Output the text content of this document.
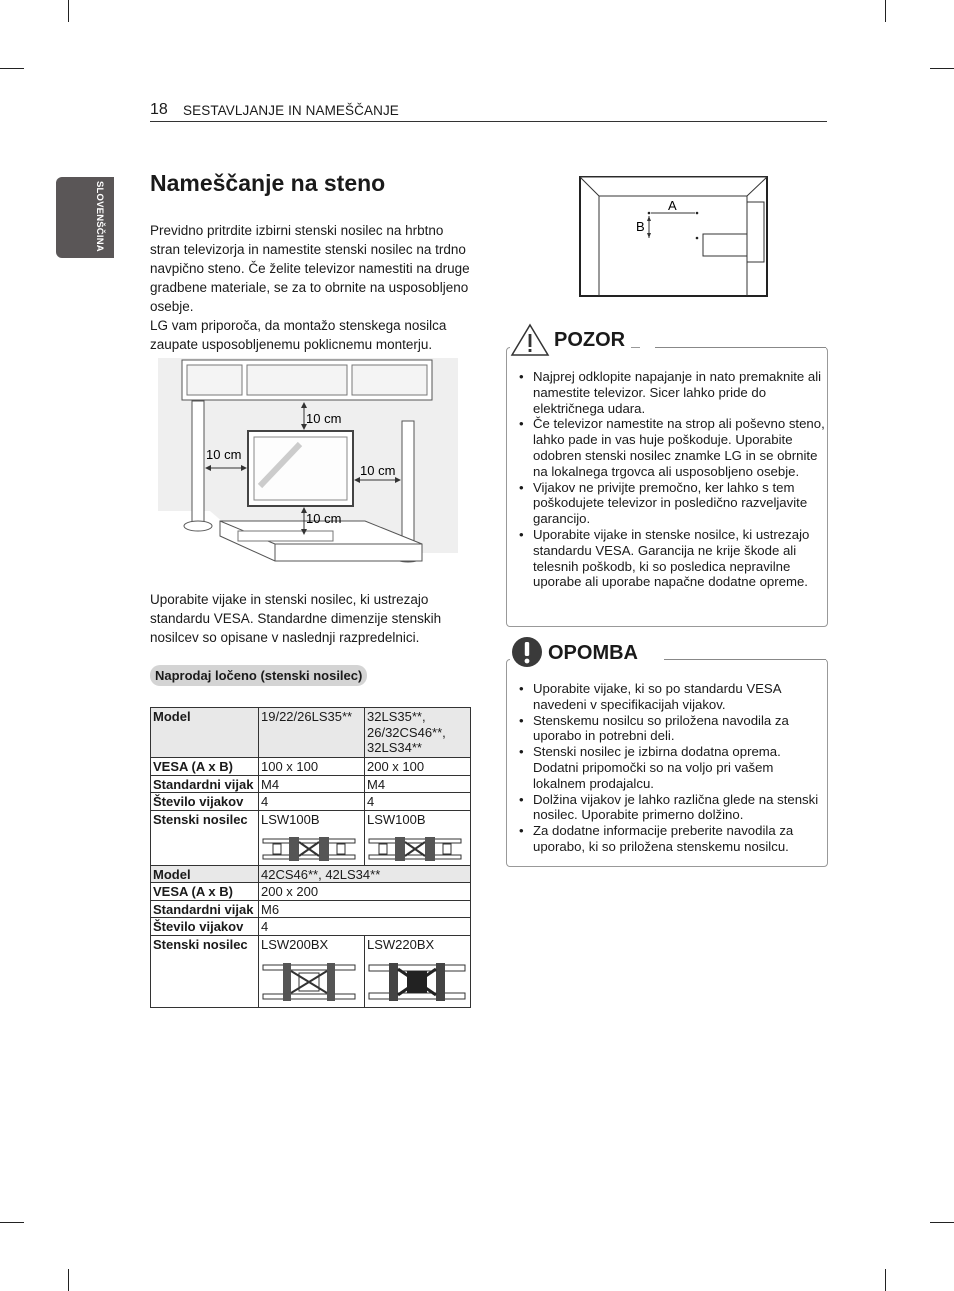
18 SESTAVLJANJE IN NAMEŠČANJE
SLOVENŠČINA Nameščanje na steno

Previdno pritrdite izbirni stenski nosilec na hrbtno stran televizorja in namestite stenski nosilec na trdno navpično steno. Če želite televizor namestiti na druge gradbene materiale, se za to obrnite na usposobljeno osebje.

LG vam priporoča, da montažo stenskega nosilca zaupate usposobljenemu poklicnemu monterju.

10 cm
10 cm
10 cm
10 cm

Uporabite vijake in stenski nosilec, ki ustrezajo standardu VESA. Standardne dimenzije stenskih nosilcev so opisane v naslednji razpredelnici.

Naprodaj ločeno (stenski nosilec)
Model	19/22/26LS35**	32LS35**, 26/32CS46**, 32LS34**
VESA (A x B)	100 x 100	200 x 100
Standardni vijak	M4	M4
Število vijakov	4	4
Stenski nosilec	LSW100B	LSW100B

Model	42CS46**, 42LS34**	
VESA (A x B)	200 x 200	
Standardni vijak	M6	
Število vijakov	4	
Stenski nosilec	LSW200BX	LSW220BX
A
B
• Najprej odklopite napajanje in nato premaknite ali namestite televizor. Sicer lahko pride do električnega udara.
• Če televizor namestite na strop ali poševno steno, lahko pade in vas huje poškoduje. Uporabite odobren stenski nosilec znamke LG in se obrnite na lokalnega trgovca ali usposobljeno osebje.
• Vijakov ne privijte premočno, ker lahko s tem poškodujete televizor in posledično razveljavite garancijo.
• Uporabite vijake in stenske nosilce, ki ustrezajo standardu VESA. Garancija ne krije škode ali telesnih poškodb, ki so posledica nepravilne uporabe ali uporabe napačne dodatne opreme.
POZOR
• Uporabite vijake, ki so po standardu VESA navedeni v specifikacijah vijakov.
• Stenskemu nosilcu so priložena navodila za uporabo in potrebni deli.
• Stenski nosilec je izbirna dodatna oprema. Dodatni pripomočki so na voljo pri vašem lokalnem prodajalcu.
• Dolžina vijakov je lahko različna glede na stenski nosilec. Uporabite primerno dolžino.
• Za dodatne informacije preberite navodila za uporabo, ki so priložena stenskemu nosilcu.
OPOMBA
